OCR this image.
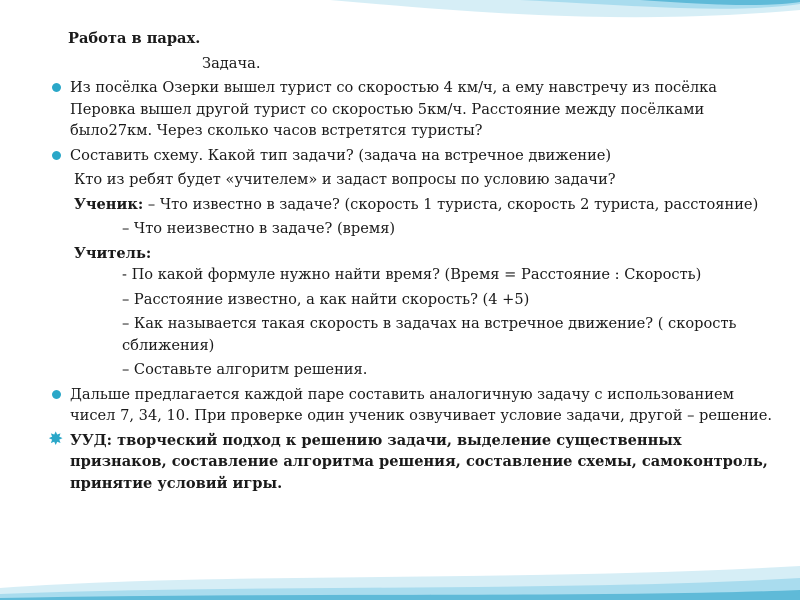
Работа в парах.

Задача.

Из посёлка Озерки вышел турист со скоростью 4 км/ч, а ему навстречу из посёлка Перовка вышел другой турист со скоростью 5км/ч. Расстояние между посёлками было27км. Через сколько часов встретятся туристы?
Составить схему. Какой тип задачи? (задача на встречное движение)

Кто из ребят будет «учителем» и задаст вопросы по условию задачи?

Ученик: – Что известно в задаче? (скорость 1 туриста, скорость 2 туриста, расстояние)

– Что неизвестно в задаче? (время)

Учитель:

- По какой формуле нужно найти время? (Время = Расстояние : Скорость)

– Расстояние известно, а как найти скорость? (4 +5)

– Как называется такая скорость в задачах на встречное движение? ( скорость сближения)

– Составьте алгоритм решения.

Дальше предлагается каждой паре составить аналогичную задачу с использованием чисел 7, 34, 10. При проверке один ученик озвучивает условие задачи, другой – решение.
✸ УУД: творческий подход к решению задачи, выделение существенных признаков, составление алгоритма решения, составление схемы, самоконтроль, принятие условий игры.
